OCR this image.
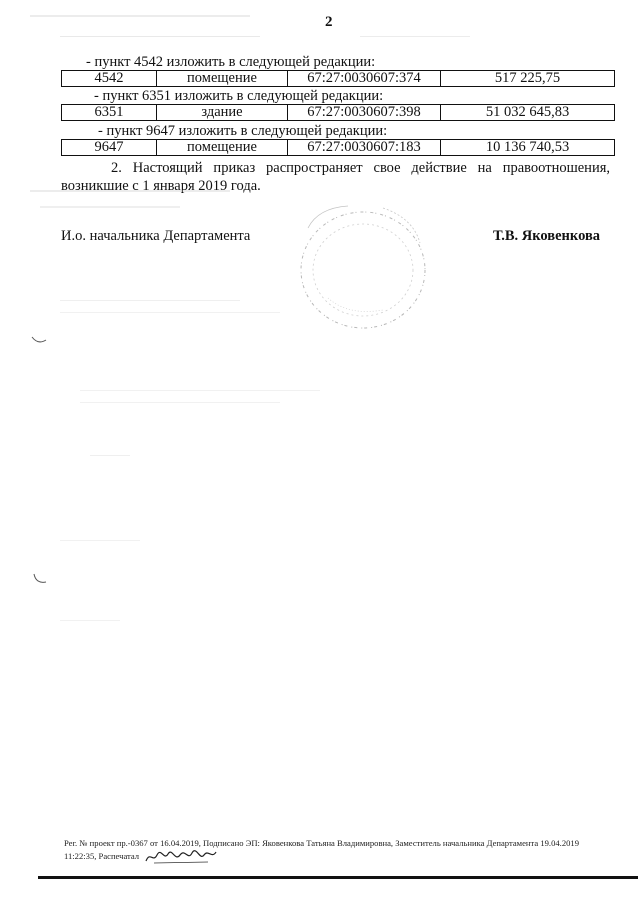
2
- пункт 4542 изложить в следующей редакции:
4542	помещение	67:27:0030607:374	517 225,75
- пункт 6351 изложить в следующей редакции:
6351	здание	67:27:0030607:398	51 032 645,83
- пункт 9647 изложить в следующей редакции:
9647	помещение	67:27:0030607:183	10 136 740,53
2. Настоящий приказ распространяет свое действие на правоотношения,
возникшие с 1 января 2019 года.
И.о. начальника Департамента	Т.В. Яковенкова
Рег. № проект пр.-0367 от 16.04.2019, Подписано ЭП: Яковенкова Татьяна Владимировна, Заместитель начальника Департамента 19.04.2019
11:22:35, Распечатал
